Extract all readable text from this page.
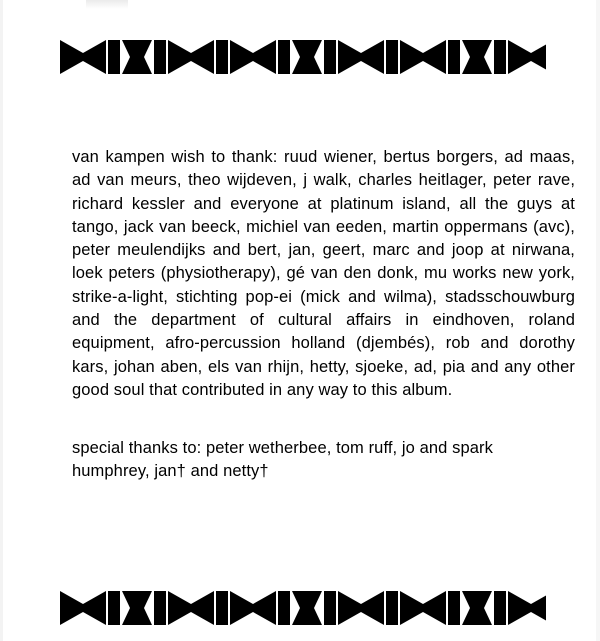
van kampen wish to thank: ruud wiener, bertus borgers, ad maas, ad van meurs, theo wijdeven, j walk, charles heitlager, peter rave, richard kessler and everyone at platinum island, all the guys at tango, jack van beeck, michiel van eeden, martin oppermans (avc), peter meulendijks and bert, jan, geert, marc and joop at nirwana, loek peters (physiotherapy), gé van den donk, mu works new york, strike-a-light, stichting pop-ei (mick and wilma), stadsschouwburg and the department of cultural affairs in eindhoven, roland equipment, afro-percussion holland (djembés), rob and dorothy kars, johan aben, els van rhijn, hetty, sjoeke, ad, pia and any other good soul that contributed in any way to this album.
special thanks to: peter wetherbee, tom ruff, jo and spark humphrey, jan† and netty†
